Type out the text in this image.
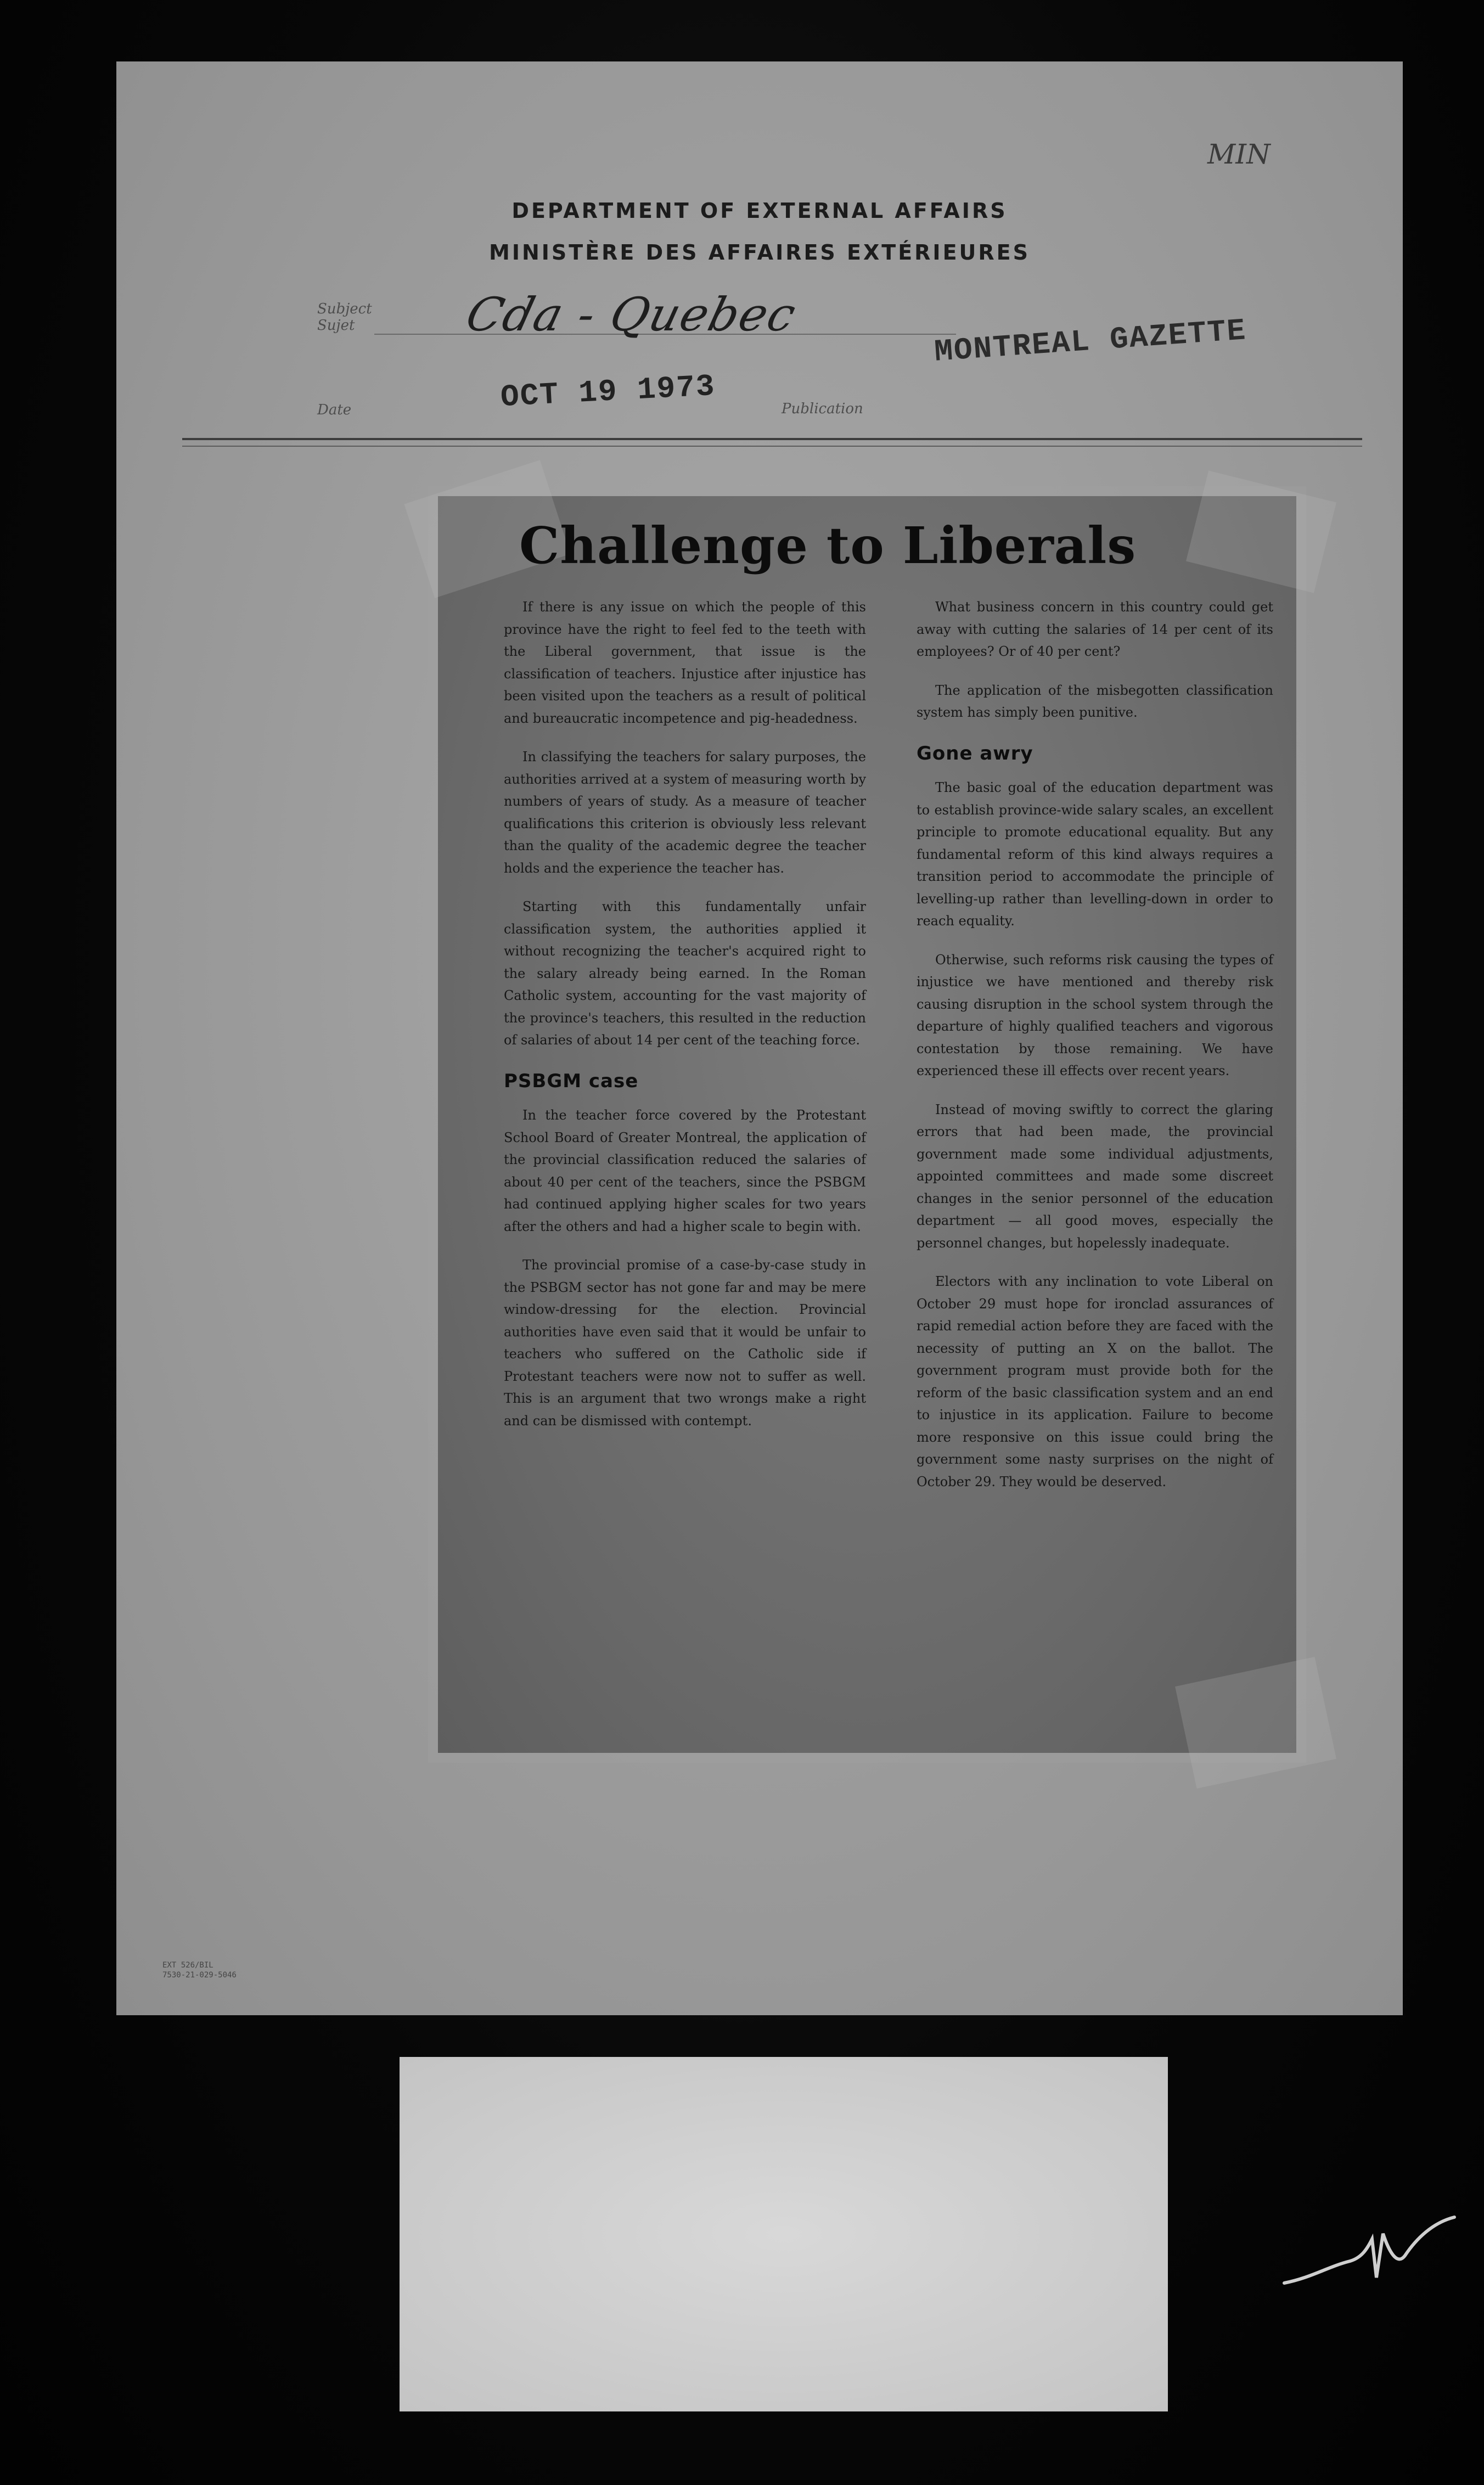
MIN
DEPARTMENT OF EXTERNAL AFFAIRS
MINISTÈRE DES AFFAIRES EXTÉRIEURES
Subject
Sujet	Cda - Quebec
Date	OCT 19 1973	Publication
MONTREAL GAZETTE
Challenge to Liberals

If there is any issue on which the people of this province have the right to feel fed to the teeth with the Liberal government, that issue is the classification of teachers. Injustice after injustice has been visited upon the teachers as a result of political and bureaucratic incompetence and pig-headedness.

In classifying the teachers for salary purposes, the authorities arrived at a system of measuring worth by numbers of years of study. As a measure of teacher qualifications this criterion is obviously less relevant than the quality of the academic degree the teacher holds and the experience the teacher has.

Starting with this fundamentally unfair classification system, the authorities applied it without recognizing the teacher's acquired right to the salary already being earned. In the Roman Catholic system, accounting for the vast majority of the province's teachers, this resulted in the reduction of salaries of about 14 per cent of the teaching force.

PSBGM case

In the teacher force covered by the Protestant School Board of Greater Montreal, the application of the provincial classification reduced the salaries of about 40 per cent of the teachers, since the PSBGM had continued applying higher scales for two years after the others and had a higher scale to begin with.

The provincial promise of a case-by-case study in the PSBGM sector has not gone far and may be mere window-dressing for the election. Provincial authorities have even said that it would be unfair to teachers who suffered on the Catholic side if Protestant teachers were now not to suffer as well. This is an argument that two wrongs make a right and can be dismissed with contempt.

What business concern in this country could get away with cutting the salaries of 14 per cent of its employees? Or of 40 per cent?

The application of the misbegotten classification system has simply been punitive.

Gone awry

The basic goal of the education department was to establish province-wide salary scales, an excellent principle to promote educational equality. But any fundamental reform of this kind always requires a transition period to accommodate the principle of levelling-up rather than levelling-down in order to reach equality.

Otherwise, such reforms risk causing the types of injustice we have mentioned and thereby risk causing disruption in the school system through the departure of highly qualified teachers and vigorous contestation by those remaining. We have experienced these ill effects over recent years.

Instead of moving swiftly to correct the glaring errors that had been made, the provincial government made some individual adjustments, appointed committees and made some discreet changes in the senior personnel of the education department — all good moves, especially the personnel changes, but hopelessly inadequate.

Electors with any inclination to vote Liberal on October 29 must hope for ironclad assurances of rapid remedial action before they are faced with the necessity of putting an X on the ballot. The government program must provide both for the reform of the basic classification system and an end to injustice in its application. Failure to become more responsive on this issue could bring the government some nasty surprises on the night of October 29. They would be deserved.

EXT 526/BIL
7530-21-029-5046
